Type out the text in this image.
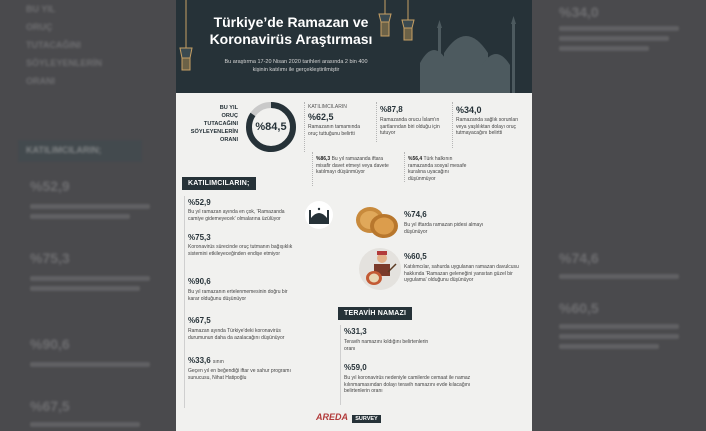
BU YIL
ORUÇ
TUTACAĞINI
SÖYLEYENLERİN
ORANI
KATILIMCILARIN;
%52,9
%75,3
%90,6
%67,5
%34,0
%74,6
%60,5
Türkiye’de Ramazan ve
Koronavirüs Araştırması
Bu araştırma 17-20 Nisan 2020 tarihleri arasında 2 bin 400
kişinin katılımı ile gerçekleştirilmiştir
BU YIL
ORUÇ
TUTACAĞINI
SÖYLEYENLERİN
ORANI
%84,5
KATILIMCILARIN
%62,5
Ramazanın tamamında oruç tuttuğunu belirtti
%87,8
Ramazanda orucu İslam'ın şartlarından biri olduğu için tutuyor
%34,0
Ramazanda sağlık sorunları veya yaşlılıktan dolayı oruç tutmayacağını belirtti
%86,3 Bu yıl ramazanda iftara misafir davet etmeyi veya davete katılmayı düşünmüyor
%56,4 Türk halkının ramazanda sosyal mesafe kuralına uyacağını düşünmüyor
KATILIMCILARIN;
%52,9
Bu yıl ramazan ayında en çok, 'Ramazanda camiye gidemeyecek' olmalarına üzülüyor
%75,3
Koronavirüs sürecinde oruç tutmanın bağışıklık sistemini etkileyeceğinden endişe etmiyor
%90,6
Bu yıl ramazanın ertelenmemesinin doğru bir karar olduğunu düşünüyor
%67,5
Ramazan ayında Türkiye'deki koronavirüs durumunun daha da azalacağını düşünüyor
%33,6 sının
Geçen yıl en beğendiği iftar ve sahur programı sunucusu, Nihat Hatipoğlu
%74,6
Bu yıl iftarda ramazan pidesi almayı düşünüyor
%60,5
Katılımcılar, sahurda uygulanan ramazan davulcusu hakkında 'Ramazan geleneğini yansıtan güzel bir uygulama' olduğunu düşünüyor
TERAVİH NAMAZI
%31,3
Teravih namazını kıldığını belirtenlerin oranı
%59,0
Bu yıl koronavirüs nedeniyle camilerde cemaat ile namaz kılınmamasından dolayı teravih namazını evde kılacağını belirtenlerin oranı
AREDA SURVEY
